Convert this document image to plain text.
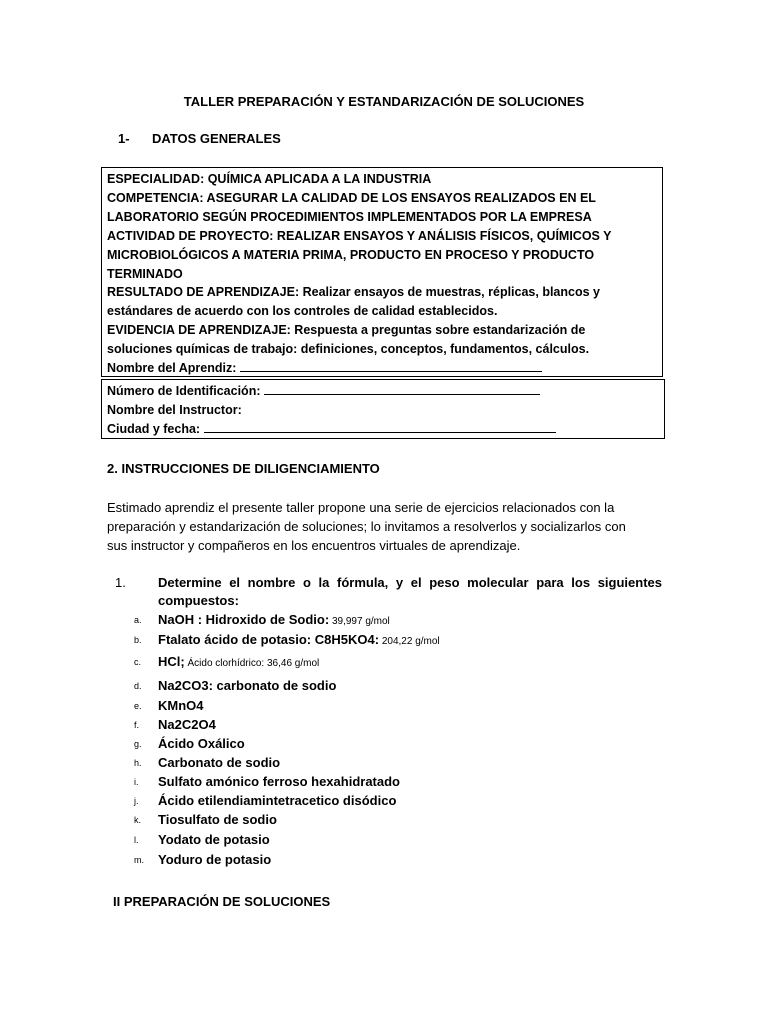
TALLER PREPARACIÓN Y ESTANDARIZACIÓN DE SOLUCIONES
1- DATOS GENERALES
ESPECIALIDAD: QUÍMICA APLICADA A LA INDUSTRIA
COMPETENCIA: ASEGURAR LA CALIDAD DE LOS ENSAYOS REALIZADOS EN EL
LABORATORIO SEGÚN PROCEDIMIENTOS IMPLEMENTADOS POR LA EMPRESA
ACTIVIDAD DE PROYECTO: REALIZAR ENSAYOS Y ANÁLISIS FÍSICOS, QUÍMICOS Y
MICROBIOLÓGICOS A MATERIA PRIMA, PRODUCTO EN PROCESO Y PRODUCTO
TERMINADO
RESULTADO DE APRENDIZAJE: Realizar ensayos de muestras, réplicas, blancos y
estándares de acuerdo con los controles de calidad establecidos.
EVIDENCIA DE APRENDIZAJE: Respuesta a preguntas sobre estandarización de
soluciones químicas de trabajo: definiciones, conceptos, fundamentos, cálculos.
Nombre del Aprendiz:
Número de Identificación:
Nombre del Instructor:
Ciudad y fecha:
2. INSTRUCCIONES DE DILIGENCIAMIENTO
Estimado aprendiz el presente taller propone una serie de ejercicios relacionados con la
preparación y estandarización de soluciones; lo invitamos a resolverlos y socializarlos con
sus instructor y compañeros en los encuentros virtuales de aprendizaje.
1. Determine el nombre o la fórmula, y el peso molecular para los siguientes compuestos:
a. NaOH : Hidroxido de Sodio: 39,997 g/mol
b. Ftalato ácido de potasio: C8H5KO4: 204,22 g/mol
c. HCl; Ácido clorhídrico: 36,46 g/mol
d. Na2CO3: carbonato de sodio
e. KMnO4
f. Na2C2O4
g. Ácido Oxálico
h. Carbonato de sodio
i. Sulfato amónico ferroso hexahidratado
j. Ácido etilendiamintetracetico disódico
k. Tiosulfato de sodio
l. Yodato de potasio
m. Yoduro de potasio
II PREPARACIÓN DE SOLUCIONES
